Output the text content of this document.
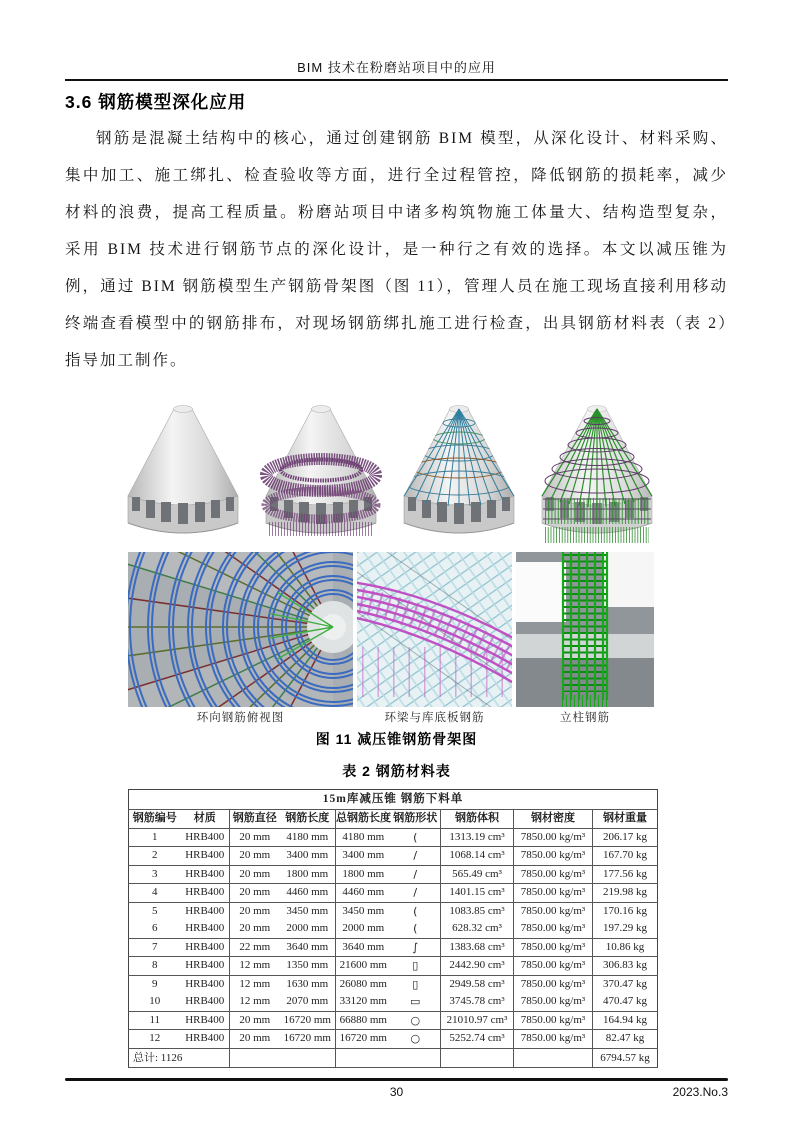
BIM 技术在粉磨站项目中的应用
3.6 钢筋模型深化应用

钢筋是混凝土结构中的核心，通过创建钢筋 BIM 模型，从深化设计、材料采购、集中加工、施工绑扎、检查验收等方面，进行全过程管控，降低钢筋的损耗率，减少材料的浪费，提高工程质量。粉磨站项目中诸多构筑物施工体量大、结构造型复杂，采用 BIM 技术进行钢筋节点的深化设计，是一种行之有效的选择。本文以减压锥为例，通过 BIM 钢筋模型生产钢筋骨架图（图 11），管理人员在施工现场直接利用移动终端查看模型中的钢筋排布，对现场钢筋绑扎施工进行检查，出具钢筋材料表（表 2）指导加工制作。

环向钢筋俯视图	环梁与库底板钢筋	立柱钢筋
图 11 减压锥钢筋骨架图
表 2 钢筋材料表
15m库减压锥 钢筋下料单								
钢筋编号	材质	钢筋直径	钢筋长度	总钢筋长度	钢筋形状	钢筋体积	钢材密度	钢材重量
1	HRB400	20 mm	4180 mm	4180 mm	(	1313.19 cm³	7850.00 kg/m³	206.17 kg
2	HRB400	20 mm	3400 mm	3400 mm	/	1068.14 cm³	7850.00 kg/m³	167.70 kg
3	HRB400	20 mm	1800 mm	1800 mm	/	565.49 cm³	7850.00 kg/m³	177.56 kg
4	HRB400	20 mm	4460 mm	4460 mm	/	1401.15 cm³	7850.00 kg/m³	219.98 kg
5	HRB400	20 mm	3450 mm	3450 mm	(	1083.85 cm³	7850.00 kg/m³	170.16 kg
6	HRB400	20 mm	2000 mm	2000 mm	(	628.32 cm³	7850.00 kg/m³	197.29 kg
7	HRB400	22 mm	3640 mm	3640 mm	∫	1383.68 cm³	7850.00 kg/m³	10.86 kg
8	HRB400	12 mm	1350 mm	21600 mm	▯	2442.90 cm³	7850.00 kg/m³	306.83 kg
9	HRB400	12 mm	1630 mm	26080 mm	▯	2949.58 cm³	7850.00 kg/m³	370.47 kg
10	HRB400	12 mm	2070 mm	33120 mm	▭	3745.78 cm³	7850.00 kg/m³	470.47 kg
11	HRB400	20 mm	16720 mm	66880 mm	○	21010.97 cm³	7850.00 kg/m³	164.94 kg
12	HRB400	20 mm	16720 mm	16720 mm	○	5252.74 cm³	7850.00 kg/m³	82.47 kg
总计: 1126								6794.57 kg
30	2023.No.3
